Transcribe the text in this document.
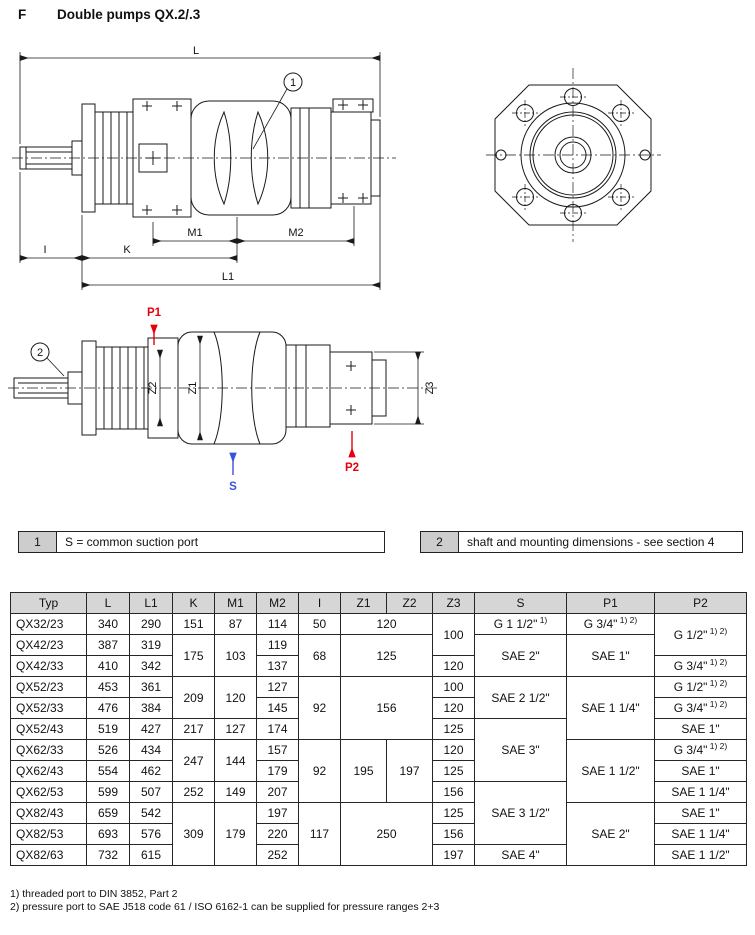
F Double pumps QX.2/.3
L
M1	M2
I	K
L1
1
Z2	Z1	Z3
P1
S
P2
2
1	S = common suction port	2	shaft and mounting dimensions - see section 4
Typ	L	L1	K	M1	M2	I	Z1	Z2	Z3	S	P1	P2
QX32/23	340	290	151	87	114	50	120		100	G 1 1/2" $^{1)}$	G 3/4" $^{1) 2)}$	G 1/2" $^{1) 2)}$
QX42/23	387	319	175	103	119	68	125			SAE 2"	SAE 1"	
QX42/33	410	342			137				120			G 3/4" $^{1) 2)}$
QX52/23	453	361	209	120	127	92	156		100	SAE 2 1/2"	SAE 1 1/4"	G 1/2" $^{1) 2)}$
QX52/33	476	384			145				120			G 3/4" $^{1) 2)}$
QX52/43	519	427	217	127	174				125	SAE 3"		SAE 1"
QX62/33	526	434	247	144	157	92	195	197	120		SAE 1 1/2"	G 3/4" $^{1) 2)}$
QX62/43	554	462			179				125			SAE 1"
QX62/53	599	507	252	149	207				156	SAE 3 1/2"		SAE 1 1/4"
QX82/43	659	542	309	179	197	117	250		125		SAE 2"	SAE 1"
QX82/53	693	576			220				156			SAE 1 1/4"
QX82/63	732	615			252				197	SAE 4"		SAE 1 1/2"
1) threaded port to DIN 3852, Part 2
2) pressure port to SAE J518 code 61 / ISO 6162-1 can be supplied for pressure ranges 2+3
